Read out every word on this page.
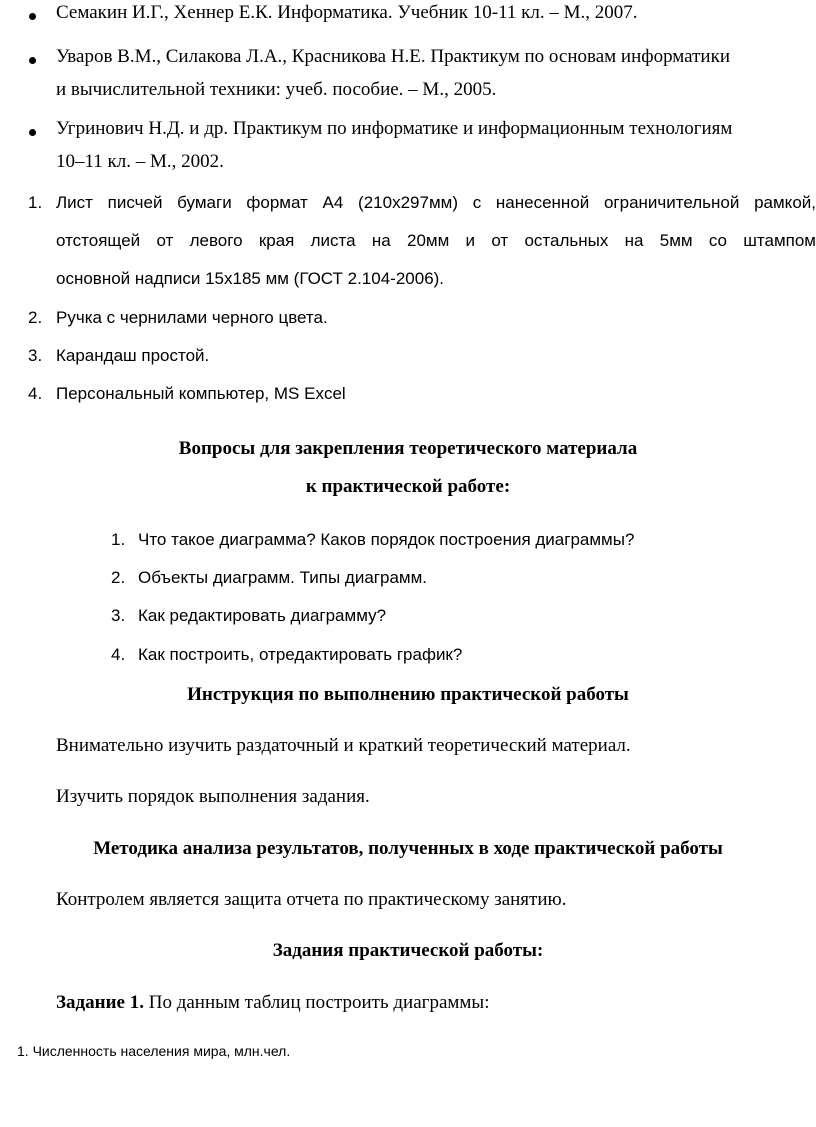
Семакин И.Г., Хеннер Е.К. Информатика. Учебник 10-11 кл. – М., 2007.
Уваров В.М., Силакова Л.А., Красникова Н.Е. Практикум по основам информатики
и вычислительной техники: учеб. пособие. – М., 2005.
Угринович Н.Д. и др. Практикум по информатике и информационным технологиям
10–11 кл. – М., 2002.
1. Лист писчей бумаги формат А4 (210х297мм) с нанесенной ограничительной рамкой,
отстоящей от левого края листа на 20мм и от остальных на 5мм со штампом
основной надписи 15х185 мм (ГОСТ 2.104-2006).
2. Ручка с чернилами черного цвета.
3. Карандаш простой.
4. Персональный компьютер, MS Excel
Вопросы для закрепления теоретического материала
к практической работе:
1. Что такое диаграмма? Каков порядок построения диаграммы?
2. Объекты диаграмм. Типы диаграмм.
3. Как редактировать диаграмму?
4. Как построить, отредактировать график?
Инструкция по выполнению практической работы
Внимательно изучить раздаточный и краткий теоретический материал.
Изучить порядок выполнения задания.
Методика анализа результатов, полученных в ходе практической работы
Контролем является защита отчета по практическому занятию.
Задания практической работы:
Задание 1. По данным таблиц построить диаграммы:
1. Численность населения мира, млн.чел.
